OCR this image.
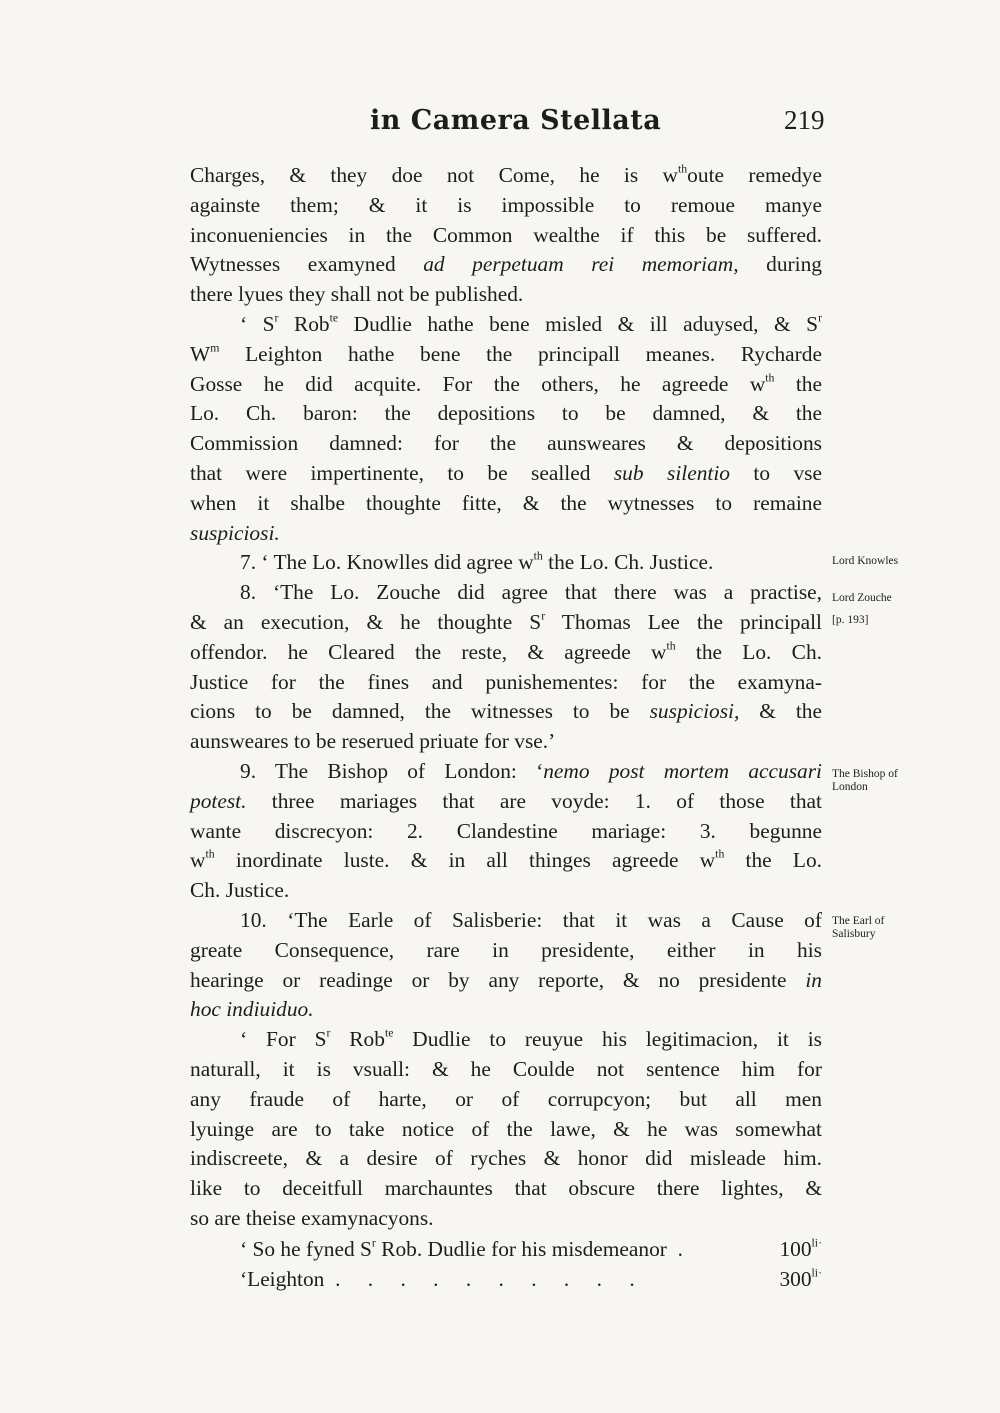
in Camera Stellata	219

Charges, & they doe not Come, he is $w^{th}oute$ remedye
againste them; & it is impossible to remoue manye
inconueniencies in the Common wealthe if this be suffered.
Wytnesses examyned ad perpetuam rei memoriam, during
there lyues they shall not be published.

‘ $S^r$ Rob$^{te}$ Dudlie hathe bene misled & ill aduysed, & $S^r$
$W^m$ Leighton hathe bene the principall meanes. Rycharde
Gosse he did acquite. For the others, he agreede $w^{th}$ the
Lo. Ch. baron: the depositions to be damned, & the
Commission damned: for the aunsweares & depositions
that were impertinente, to be sealled sub silentio to vse
when it shalbe thoughte fitte, & the wytnesses to remaine
suspiciosi.

7. ‘ The Lo. Knowlles did agree $w^{th}$ the Lo. Ch. Justice.

8. ‘The Lo. Zouche did agree that there was a practise,
& an execution, & he thoughte $S^r$ Thomas Lee the principall
offendor. he Cleared the reste, & agreede $w^{th}$ the Lo. Ch.
Justice for the fines and punishementes: for the examyna-
cions to be damned, the witnesses to be suspiciosi, & the
aunsweares to be reserued priuate for vse.’

9. The Bishop of London: ‘nemo post mortem accusari
potest. three mariages that are voyde: 1. of those that
wante discrecyon: 2. Clandestine mariage: 3. begunne
$w^{th}$ inordinate luste. & in all thinges agreede $w^{th}$ the Lo.
Ch. Justice.

10. ‘The Earle of Salisberie: that it was a Cause of
greate Consequence, rare in presidente, either in his
hearinge or readinge or by any reporte, & no presidente in
hoc indiuiduo.

‘ For $S^r$ Rob$^{te}$ Dudlie to reuyue his legitimacion, it is
naturall, it is vsuall: & he Coulde not sentence him for
any fraude of harte, or of corrupcyon; but all men
lyuinge are to take notice of the lawe, & he was somewhat
indiscreete, & a desire of ryches & honor did misleade him.
like to deceitfull marchauntes that obscure there lightes, &
so are theise examynacyons.

‘ So he fyned $S^r$ Rob. Dudlie for his misdemeanor .	$100^{li\cdot}$
‘Leighton . . . . . . . . . .	$300^{li\cdot}$
Lord Knowles
Lord Zouche
[p. 193]
The Bishop of London
The Earl of Salisbury
